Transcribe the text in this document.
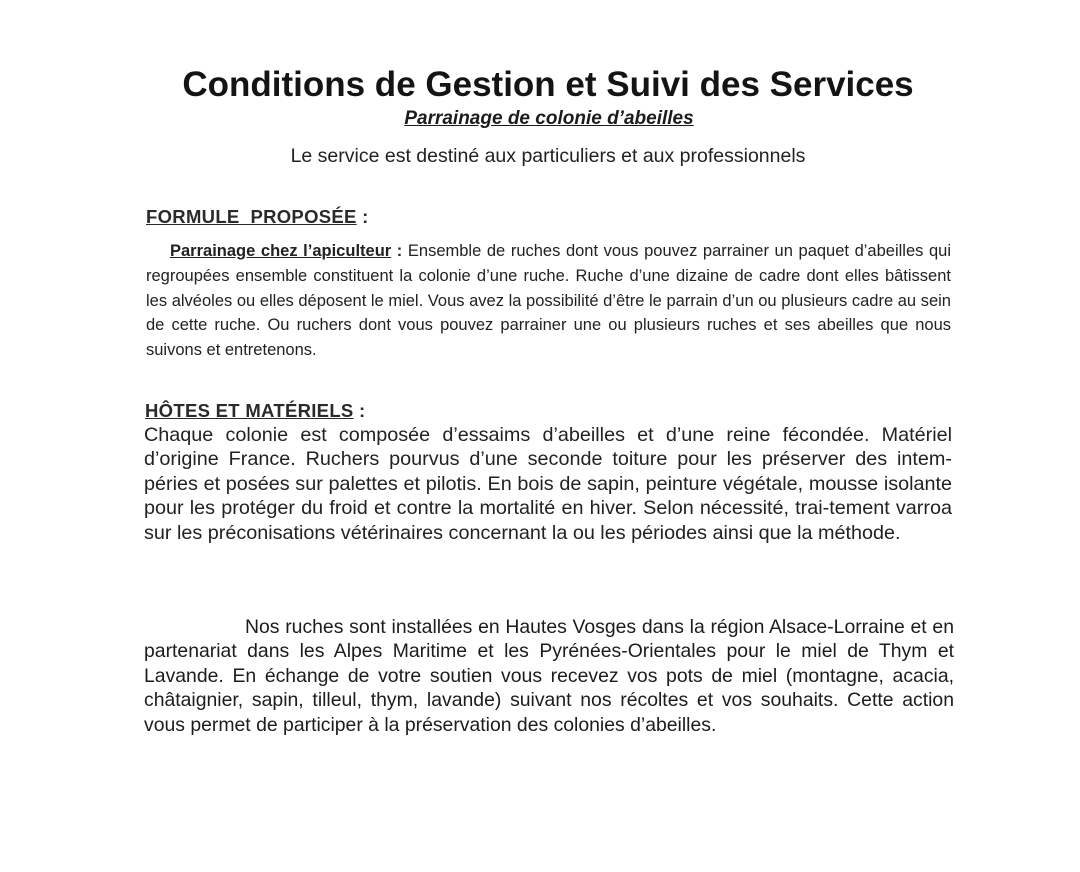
Conditions de Gestion et Suivi des Services
Parrainage de colonie d’abeilles
Le service est destiné aux particuliers et aux professionnels
FORMULE  PROPOSÉE :

Parrainage chez l’apiculteur : Ensemble de ruches dont vous pouvez parrainer un paquet d’abeilles qui regroupées ensemble constituent la colonie d’une ruche. Ruche d’une dizaine de cadre dont elles bâtissent les alvéoles ou elles déposent le miel. Vous avez la possibilité d’être le parrain d’un ou plusieurs cadre au sein de cette ruche. Ou ruchers dont vous pouvez parrainer une ou plusieurs ruches et ses abeilles que nous suivons et entretenons.

HÔTES ET MATÉRIELS :

Chaque colonie est composée d’essaims d’abeilles et d’une reine fécondée. Matériel d’origine France. Ruchers pourvus d’une seconde toiture pour les préserver des intem-péries et posées sur palettes et pilotis. En bois de sapin, peinture végétale, mousse isolante pour les protéger du froid et contre la mortalité en hiver. Selon nécessité, trai-tement varroa sur les préconisations vétérinaires concernant la ou les périodes ainsi que la méthode.

Nos ruches sont installées en Hautes Vosges dans la région Alsace-Lorraine et en partenariat dans les Alpes Maritime et les Pyrénées-Orientales pour le miel de Thym et Lavande. En échange de votre soutien vous recevez vos pots de miel (montagne, acacia, châtaignier, sapin, tilleul, thym, lavande) suivant nos récoltes et vos souhaits. Cette action vous permet de participer à la préservation des colonies d’abeilles.
